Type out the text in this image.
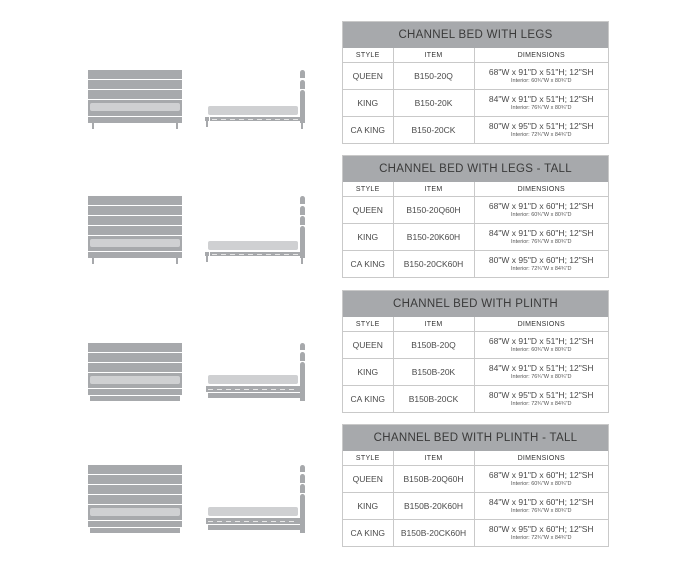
CHANNEL BED WITH LEGS
STYLE	ITEM	DIMENSIONS
QUEEN	B150-20Q	68"W x 91"D x 51"H; 12"SH
Interior: 60¾"W x 80¾"D

KING	B150-20K	84"W x 91"D x 51"H; 12"SH
Interior: 76¾"W x 80¾"D

CA KING	B150-20CK	80"W x 95"D x 51"H; 12"SH
Interior: 72¾"W x 84¾"D
CHANNEL BED WITH LEGS - TALL
STYLE	ITEM	DIMENSIONS
QUEEN	B150-20Q60H	68"W x 91"D x 60"H; 12"SH
Interior: 60¾"W x 80¾"D

KING	B150-20K60H	84"W x 91"D x 60"H; 12"SH
Interior: 76¾"W x 80¾"D

CA KING	B150-20CK60H	80"W x 95"D x 60"H; 12"SH
Interior: 72¾"W x 84¾"D
CHANNEL BED WITH PLINTH
STYLE	ITEM	DIMENSIONS
QUEEN	B150B-20Q	68"W x 91"D x 51"H; 12"SH
Interior: 60¾"W x 80¾"D

KING	B150B-20K	84"W x 91"D x 51"H; 12"SH
Interior: 76¾"W x 80¾"D

CA KING	B150B-20CK	80"W x 95"D x 51"H; 12"SH
Interior: 72¾"W x 84¾"D
CHANNEL BED WITH PLINTH - TALL
STYLE	ITEM	DIMENSIONS
QUEEN	B150B-20Q60H	68"W x 91"D x 60"H; 12"SH
Interior: 60¾"W x 80¾"D

KING	B150B-20K60H	84"W x 91"D x 60"H; 12"SH
Interior: 76¾"W x 80¾"D

CA KING	B150B-20CK60H	80"W x 95"D x 60"H; 12"SH
Interior: 72¾"W x 84¾"D
